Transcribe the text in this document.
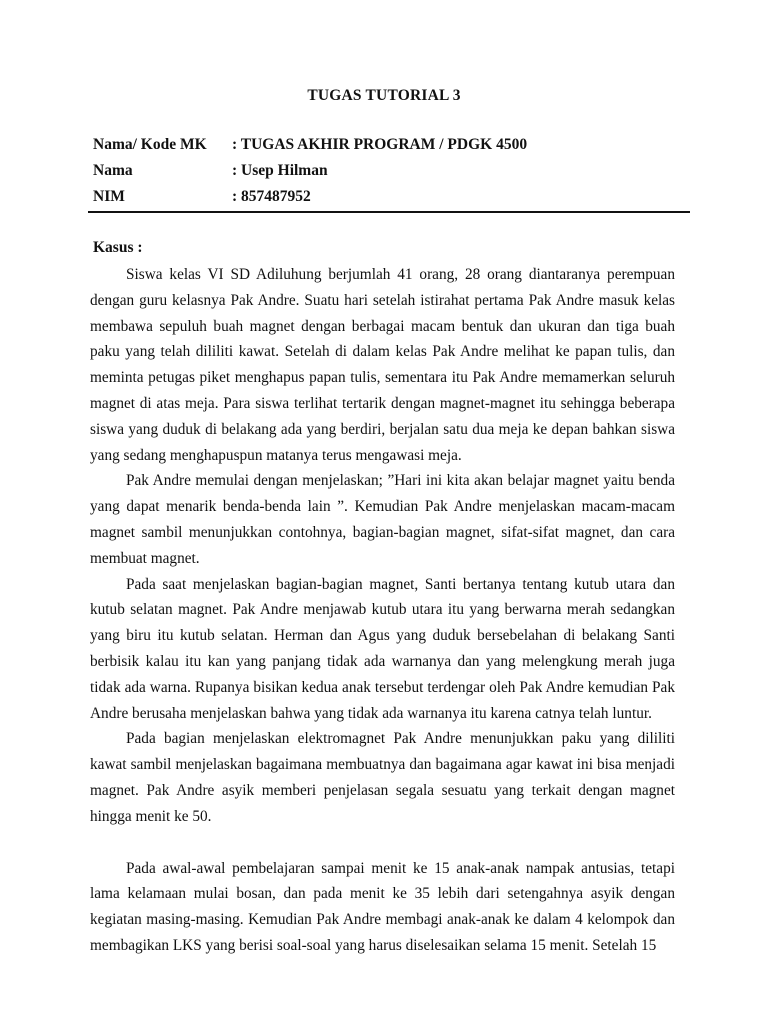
TUGAS TUTORIAL 3
Nama/ Kode MK	: TUGAS AKHIR PROGRAM / PDGK 4500
Nama	: Usep Hilman
NIM	: 857487952
Kasus :

Siswa kelas VI SD Adiluhung berjumlah 41 orang, 28 orang diantaranya perempuan dengan guru kelasnya Pak Andre. Suatu hari setelah istirahat pertama Pak Andre masuk kelas membawa sepuluh buah magnet dengan berbagai macam bentuk dan ukuran dan tiga buah paku yang telah dililiti kawat. Setelah di dalam kelas Pak Andre melihat ke papan tulis, dan meminta petugas piket menghapus papan tulis, sementara itu Pak Andre memamerkan seluruh magnet di atas meja. Para siswa terlihat tertarik dengan magnet-magnet itu sehingga beberapa siswa yang duduk di belakang ada yang berdiri, berjalan satu dua meja ke depan bahkan siswa yang sedang menghapuspun matanya terus mengawasi meja.

Pak Andre memulai dengan menjelaskan; ”Hari ini kita akan belajar magnet yaitu benda yang dapat menarik benda-benda lain ”. Kemudian Pak Andre menjelaskan macam-macam magnet sambil menunjukkan contohnya, bagian-bagian magnet, sifat-sifat magnet, dan cara membuat magnet.

Pada saat menjelaskan bagian-bagian magnet, Santi bertanya tentang kutub utara dan kutub selatan magnet. Pak Andre menjawab kutub utara itu yang berwarna merah sedangkan yang biru itu kutub selatan. Herman dan Agus yang duduk bersebelahan di belakang Santi berbisik kalau itu kan yang panjang tidak ada warnanya dan yang melengkung merah juga tidak ada warna. Rupanya bisikan kedua anak tersebut terdengar oleh Pak Andre kemudian Pak Andre berusaha menjelaskan bahwa yang tidak ada warnanya itu karena catnya telah luntur.

Pada bagian menjelaskan elektromagnet Pak Andre menunjukkan paku yang dililiti kawat sambil menjelaskan bagaimana membuatnya dan bagaimana agar kawat ini bisa menjadi magnet. Pak Andre asyik memberi penjelasan segala sesuatu yang terkait dengan magnet hingga menit ke 50.

Pada awal-awal pembelajaran sampai menit ke 15 anak-anak nampak antusias, tetapi lama kelamaan mulai bosan, dan pada menit ke 35 lebih dari setengahnya asyik dengan kegiatan masing-masing. Kemudian Pak Andre membagi anak-anak ke dalam 4 kelompok dan membagikan LKS yang berisi soal-soal yang harus diselesaikan selama 15 menit. Setelah 15
